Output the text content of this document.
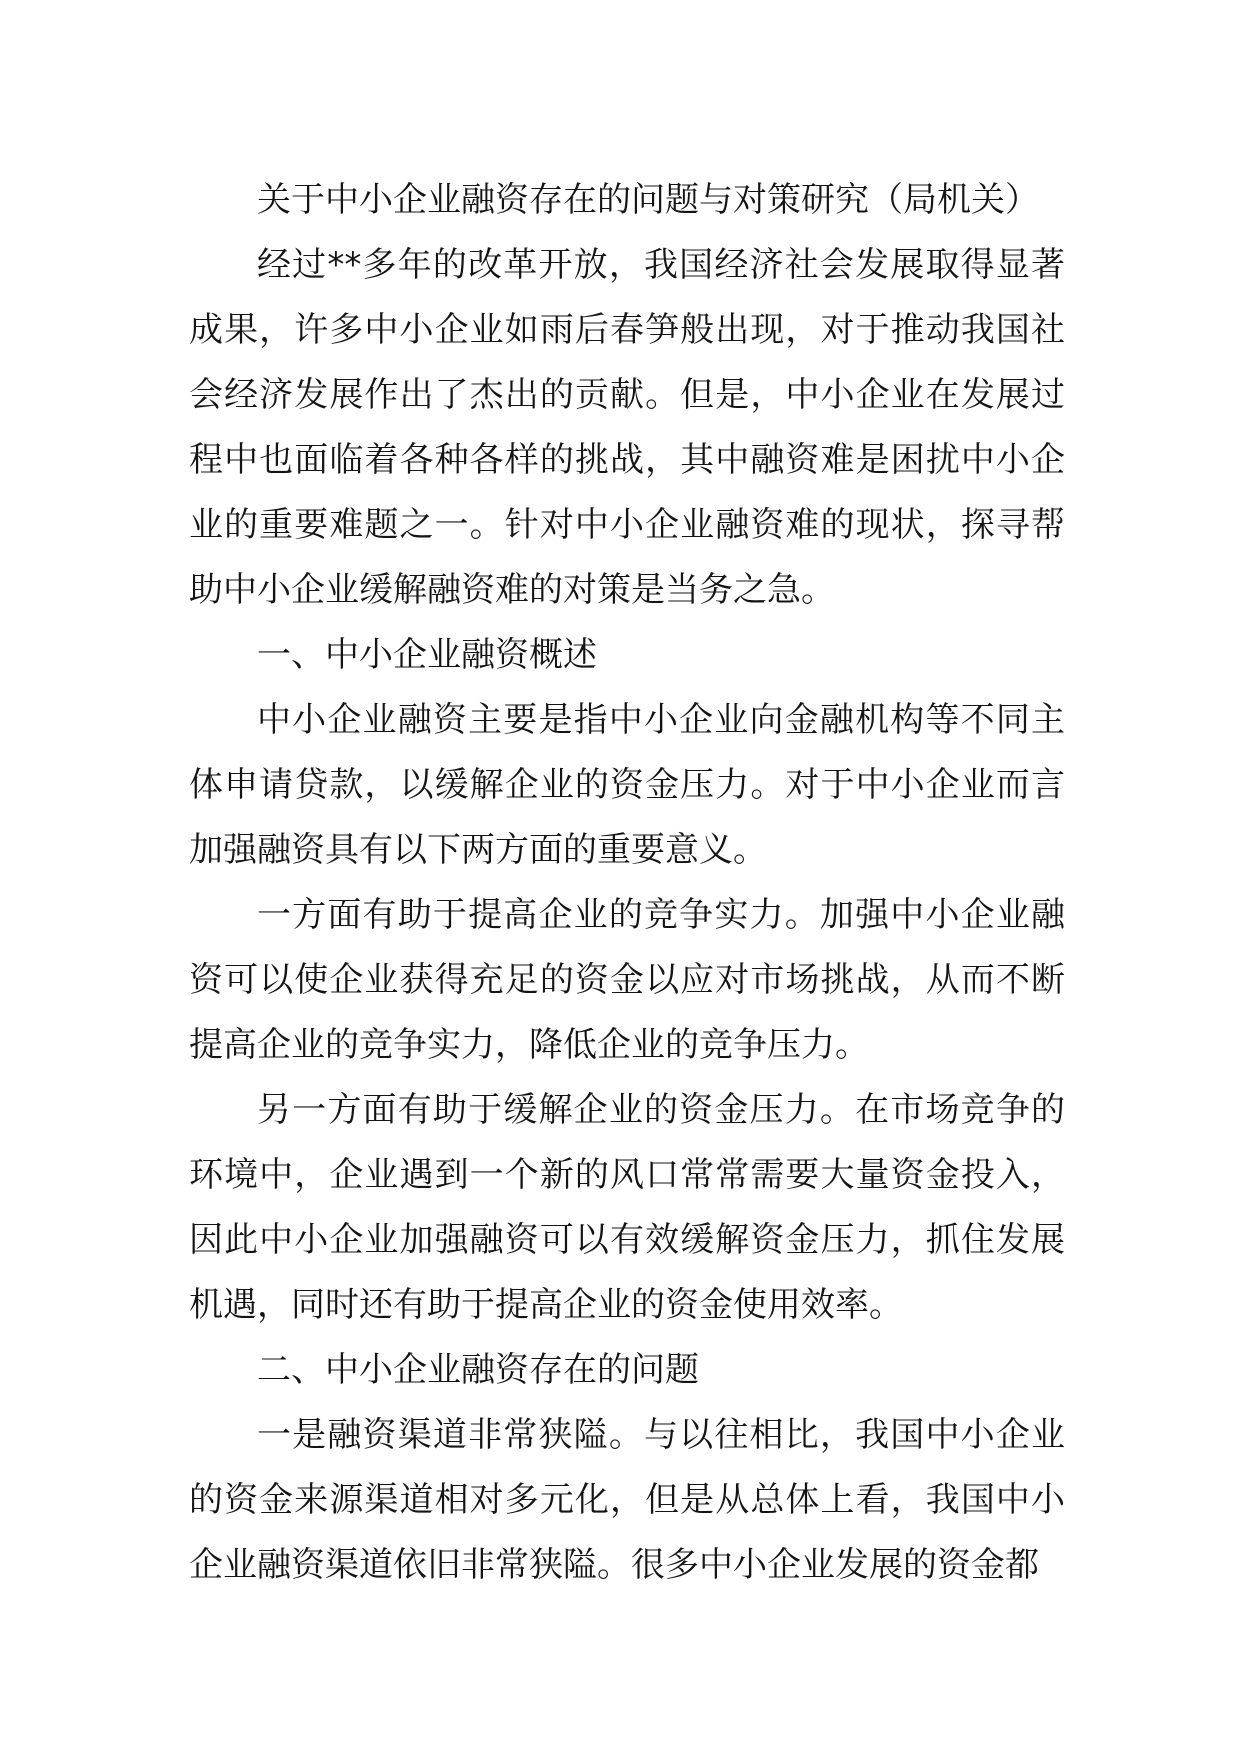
关于中小企业融资存在的问题与对策研究（局机关）

经过**多年的改革开放，我国经济社会发展取得显著成果，许多中小企业如雨后春笋般出现，对于推动我国社会经济发展作出了杰出的贡献。但是，中小企业在发展过程中也面临着各种各样的挑战，其中融资难是困扰中小企业的重要难题之一。针对中小企业融资难的现状，探寻帮助中小企业缓解融资难的对策是当务之急。

一、中小企业融资概述

中小企业融资主要是指中小企业向金融机构等不同主体申请贷款，以缓解企业的资金压力。对于中小企业而言加强融资具有以下两方面的重要意义。

一方面有助于提高企业的竞争实力。加强中小企业融资可以使企业获得充足的资金以应对市场挑战，从而不断提高企业的竞争实力，降低企业的竞争压力。

另一方面有助于缓解企业的资金压力。在市场竞争的环境中，企业遇到一个新的风口常常需要大量资金投入，因此中小企业加强融资可以有效缓解资金压力，抓住发展机遇，同时还有助于提高企业的资金使用效率。

二、中小企业融资存在的问题

一是融资渠道非常狭隘。与以往相比，我国中小企业的资金来源渠道相对多元化，但是从总体上看，我国中小企业融资渠道依旧非常狭隘。很多中小企业发展的资金都
